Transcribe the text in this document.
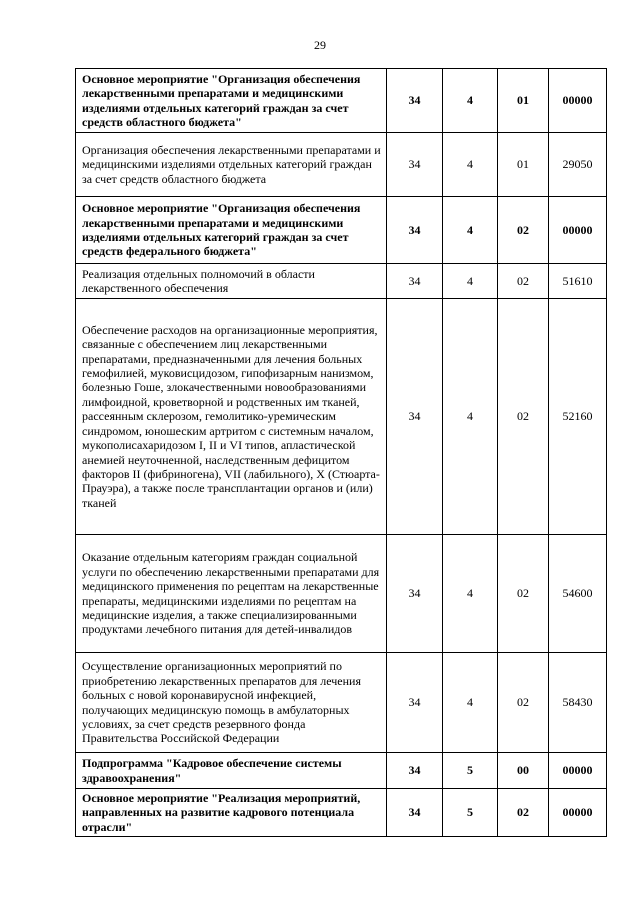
29
Основное мероприятие "Организация обеспечения лекарственными препаратами и медицинскими изделиями отдельных категорий граждан за счет средств областного бюджета"	34	4	01	00000
Организация обеспечения лекарственными препаратами и медицинскими изделиями отдельных категорий граждан за счет средств областного бюджета	34	4	01	29050
Основное мероприятие "Организация обеспечения лекарственными препаратами и медицинскими изделиями отдельных категорий граждан за счет средств федерального бюджета"	34	4	02	00000
Реализация отдельных полномочий в области лекарственного обеспечения	34	4	02	51610
Обеспечение расходов на организационные мероприятия, связанные с обеспечением лиц лекарственными препаратами, предназначенными для лечения больных гемофилией, муковисцидозом, гипофизарным нанизмом, болезнью Гоше, злокачественными новообразованиями лимфоидной, кроветворной и родственных им тканей, рассеянным склерозом, гемолитико-уремическим синдромом, юношеским артритом с системным началом, мукополисахаридозом I, II и VI типов, апластической анемией неуточненной, наследственным дефицитом факторов II (фибриногена), VII (лабильного), X (Стюарта-Прауэра), а также после трансплантации органов и (или) тканей	34	4	02	52160
Оказание отдельным категориям граждан социальной услуги по обеспечению лекарственными препаратами для медицинского применения по рецептам на лекарственные препараты, медицинскими изделиями по рецептам на медицинские изделия, а также специализированными продуктами лечебного питания для детей-инвалидов	34	4	02	54600
Осуществление организационных мероприятий по приобретению лекарственных препаратов для лечения больных с новой коронавирусной инфекцией, получающих медицинскую помощь в амбулаторных условиях, за счет средств резервного фонда Правительства Российской Федерации	34	4	02	58430
Подпрограмма "Кадровое обеспечение системы здравоохранения"	34	5	00	00000
Основное мероприятие "Реализация мероприятий, направленных на развитие кадрового потенциала отрасли"	34	5	02	00000
